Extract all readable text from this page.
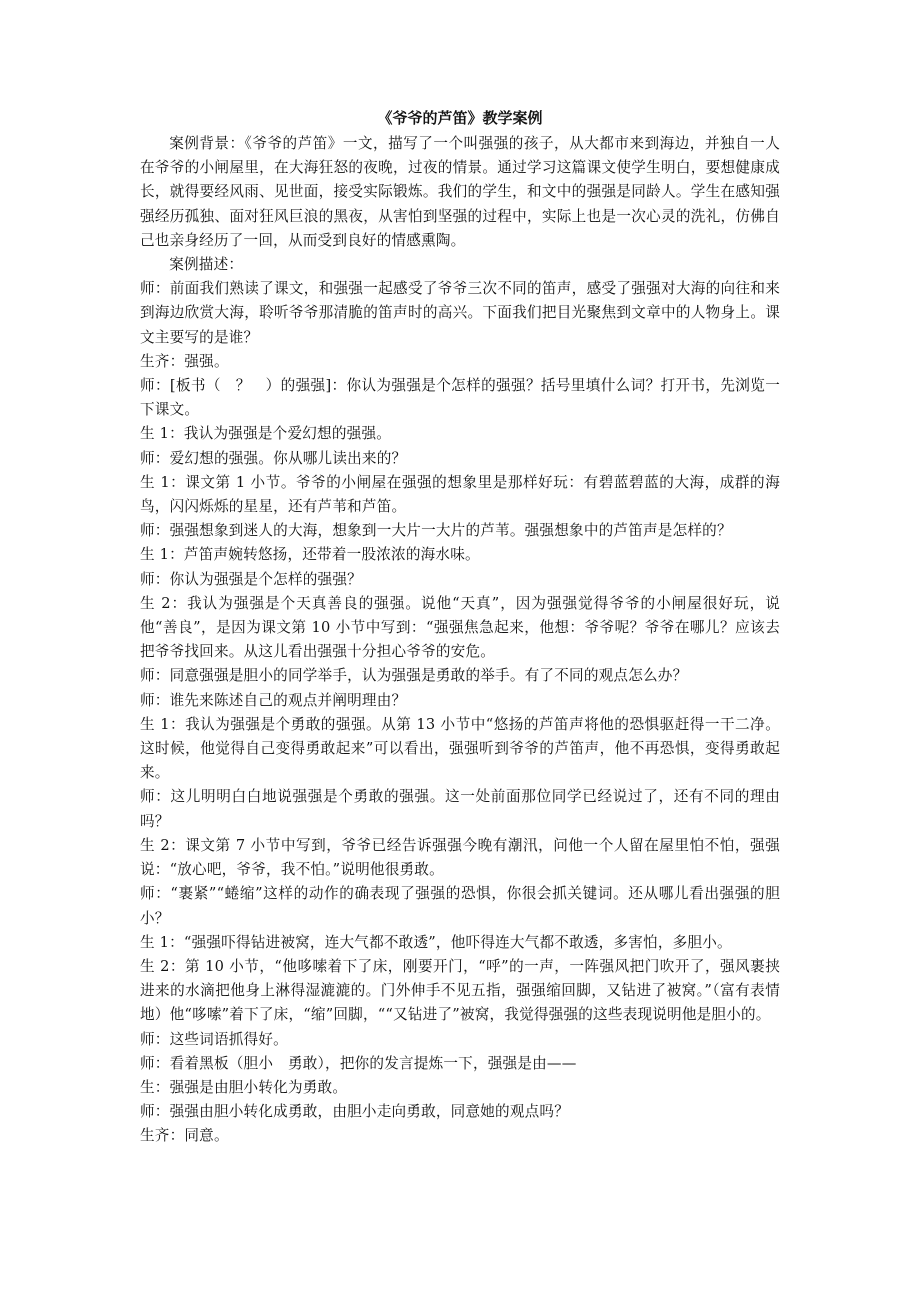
《爷爷的芦笛》教学案例

案例背景：《爷爷的芦笛》一文，描写了一个叫强强的孩子，从大都市来到海边，并独自一人在爷爷的小闸屋里，在大海狂怒的夜晚，过夜的情景。通过学习这篇课文使学生明白，要想健康成长，就得要经风雨、见世面，接受实际锻炼。我们的学生，和文中的强强是同龄人。学生在感知强强经历孤独、面对狂风巨浪的黑夜，从害怕到坚强的过程中，实际上也是一次心灵的洗礼，仿佛自己也亲身经历了一回，从而受到良好的情感熏陶。

案例描述：

师：前面我们熟读了课文，和强强一起感受了爷爷三次不同的笛声，感受了强强对大海的向往和来到海边欣赏大海，聆听爷爷那清脆的笛声时的高兴。下面我们把目光聚焦到文章中的人物身上。课文主要写的是谁？

生齐：强强。

师：[板书（　？　）的强强]：你认为强强是个怎样的强强？括号里填什么词？打开书，先浏览一下课文。

生 1：我认为强强是个爱幻想的强强。

师：爱幻想的强强。你从哪儿读出来的？

生 1：课文第 1 小节。爷爷的小闸屋在强强的想象里是那样好玩：有碧蓝碧蓝的大海，成群的海鸟，闪闪烁烁的星星，还有芦苇和芦笛。

师：强强想象到迷人的大海，想象到一大片一大片的芦苇。强强想象中的芦笛声是怎样的？

生 1：芦笛声婉转悠扬，还带着一股浓浓的海水味。

师：你认为强强是个怎样的强强？

生 2：我认为强强是个天真善良的强强。说他“天真”，因为强强觉得爷爷的小闸屋很好玩，说他“善良”，是因为课文第 10 小节中写到：“强强焦急起来，他想：爷爷呢？爷爷在哪儿？应该去把爷爷找回来。从这儿看出强强十分担心爷爷的安危。

师：同意强强是胆小的同学举手，认为强强是勇敢的举手。有了不同的观点怎么办？

师：谁先来陈述自己的观点并阐明理由？

生 1：我认为强强是个勇敢的强强。从第 13 小节中“悠扬的芦笛声将他的恐惧驱赶得一干二净。这时候，他觉得自己变得勇敢起来”可以看出，强强听到爷爷的芦笛声，他不再恐惧，变得勇敢起来。

师：这儿明明白白地说强强是个勇敢的强强。这一处前面那位同学已经说过了，还有不同的理由吗？

生 2：课文第 7 小节中写到，爷爷已经告诉强强今晚有潮汛，问他一个人留在屋里怕不怕，强强说：“放心吧，爷爷，我不怕。”说明他很勇敢。

师：“裹紧”“蜷缩”这样的动作的确表现了强强的恐惧，你很会抓关键词。还从哪儿看出强强的胆小？

生 1：“强强吓得钻进被窝，连大气都不敢透”，他吓得连大气都不敢透，多害怕，多胆小。

生 2：第 10 小节，“他哆嗦着下了床，刚要开门，“呼”的一声，一阵强风把门吹开了，强风裹挟进来的水滴把他身上淋得湿漉漉的。门外伸手不见五指，强强缩回脚，又钻进了被窝。”（富有表情地）他“哆嗦”着下了床，“缩”回脚，““又钻进了”被窝，我觉得强强的这些表现说明他是胆小的。

师：这些词语抓得好。

师：看着黑板（胆小　勇敢），把你的发言提炼一下，强强是由——

生：强强是由胆小转化为勇敢。

师：强强由胆小转化成勇敢，由胆小走向勇敢，同意她的观点吗？

生齐：同意。
